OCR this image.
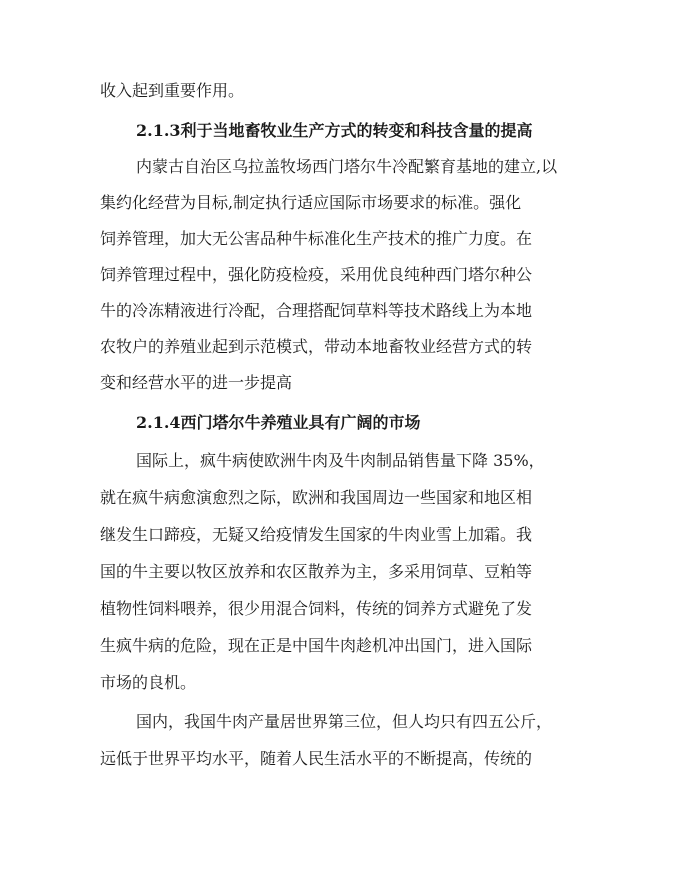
收入起到重要作用。
2.1.3利于当地畜牧业生产方式的转变和科技含量的提高
内蒙古自治区乌拉盖牧场西门塔尔牛冷配繁育基地的建立,以
集约化经营为目标,制定执行适应国际市场要求的标准。强化
饲养管理，加大无公害品种牛标准化生产技术的推广力度。在
饲养管理过程中，强化防疫检疫，采用优良纯种西门塔尔种公
牛的冷冻精液进行冷配，合理搭配饲草料等技术路线上为本地
农牧户的养殖业起到示范模式，带动本地畜牧业经营方式的转
变和经营水平的进一步提高
2.1.4西门塔尔牛养殖业具有广阔的市场
国际上，疯牛病使欧洲牛肉及牛肉制品销售量下降 35%，
就在疯牛病愈演愈烈之际，欧洲和我国周边一些国家和地区相
继发生口蹄疫，无疑又给疫情发生国家的牛肉业雪上加霜。我
国的牛主要以牧区放养和农区散养为主，多采用饲草、豆粕等
植物性饲料喂养，很少用混合饲料，传统的饲养方式避免了发
生疯牛病的危险，现在正是中国牛肉趁机冲出国门，进入国际
市场的良机。
国内，我国牛肉产量居世界第三位，但人均只有四五公斤，
远低于世界平均水平，随着人民生活水平的不断提高，传统的
